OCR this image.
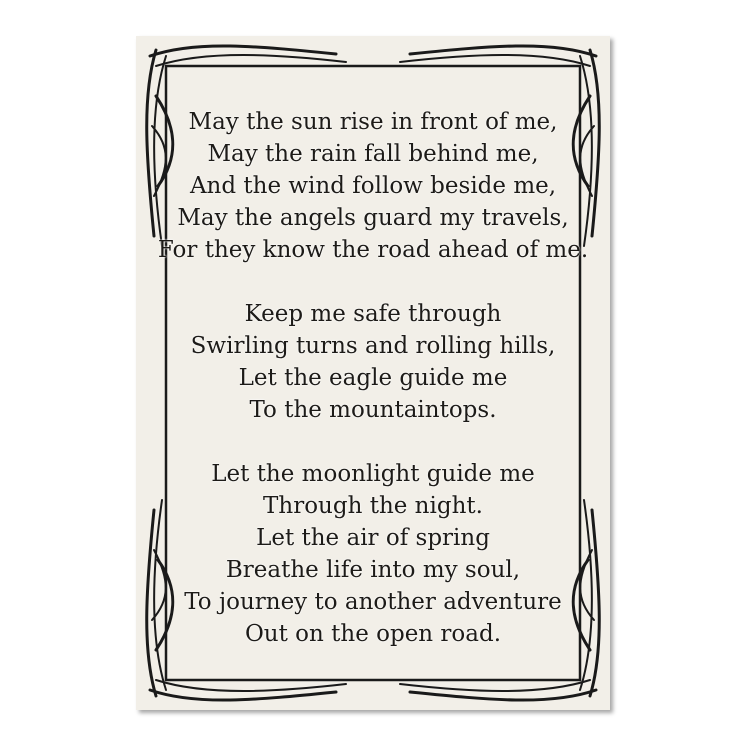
May the sun rise in front of me,
May the rain fall behind me,
And the wind follow beside me,
May the angels guard my travels,
For they know the road ahead of me.
Keep me safe through
Swirling turns and rolling hills,
Let the eagle guide me
To the mountaintops.
Let the moonlight guide me
Through the night.
Let the air of spring
Breathe life into my soul,
To journey to another adventure
Out on the open road.
